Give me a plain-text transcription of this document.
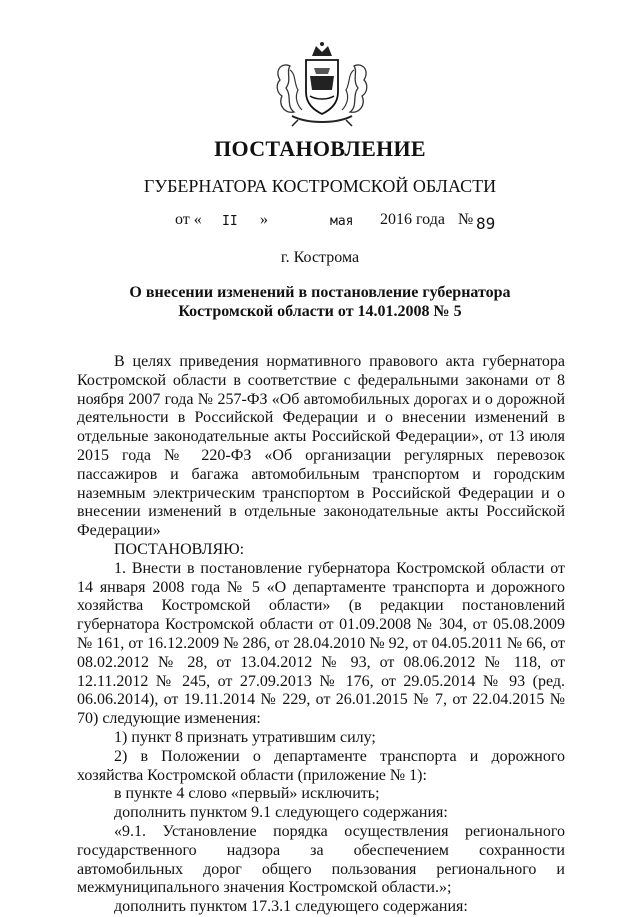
ПОСТАНОВЛЕНИЕ
ГУБЕРНАТОРА КОСТРОМСКОЙ ОБЛАСТИ
от « II »	мая 2016 года № 89
г. Кострома
О внесении изменений в постановление губернатора
Костромской области от 14.01.2008 № 5

В целях приведения нормативного правового акта губернатора Костромской области в соответствие с федеральными законами от 8 ноября 2007 года № 257-ФЗ «Об автомобильных дорогах и о дорожной деятельности в Российской Федерации и о внесении изменений в отдельные законодательные акты Российской Федерации», от 13 июля 2015 года № 220-ФЗ «Об организации регулярных перевозок пассажиров и багажа автомобильным транспортом и городским наземным электрическим транспортом в Российской Федерации и о внесении изменений в отдельные законодательные акты Российской Федерации»

ПОСТАНОВЛЯЮ:

1. Внести в постановление губернатора Костромской области от 14 января 2008 года № 5 «О департаменте транспорта и дорожного хозяйства Костромской области» (в редакции постановлений губернатора Костромской области от 01.09.2008 № 304, от 05.08.2009 № 161, от 16.12.2009 № 286, от 28.04.2010 № 92, от 04.05.2011 № 66, от 08.02.2012 № 28, от 13.04.2012 № 93, от 08.06.2012 № 118, от 12.11.2012 № 245, от 27.09.2013 № 176, от 29.05.2014 № 93 (ред. 06.06.2014), от 19.11.2014 № 229, от 26.01.2015 № 7, от 22.04.2015 № 70) следующие изменения:

1) пункт 8 признать утратившим силу;

2) в Положении о департаменте транспорта и дорожного хозяйства Костромской области (приложение № 1):

в пункте 4 слово «первый» исключить;

дополнить пунктом 9.1 следующего содержания:

«9.1. Установление порядка осуществления регионального государственного надзора за обеспечением сохранности автомобильных дорог общего пользования регионального и межмуниципального значения Костромской области.»;

дополнить пунктом 17.3.1 следующего содержания:
